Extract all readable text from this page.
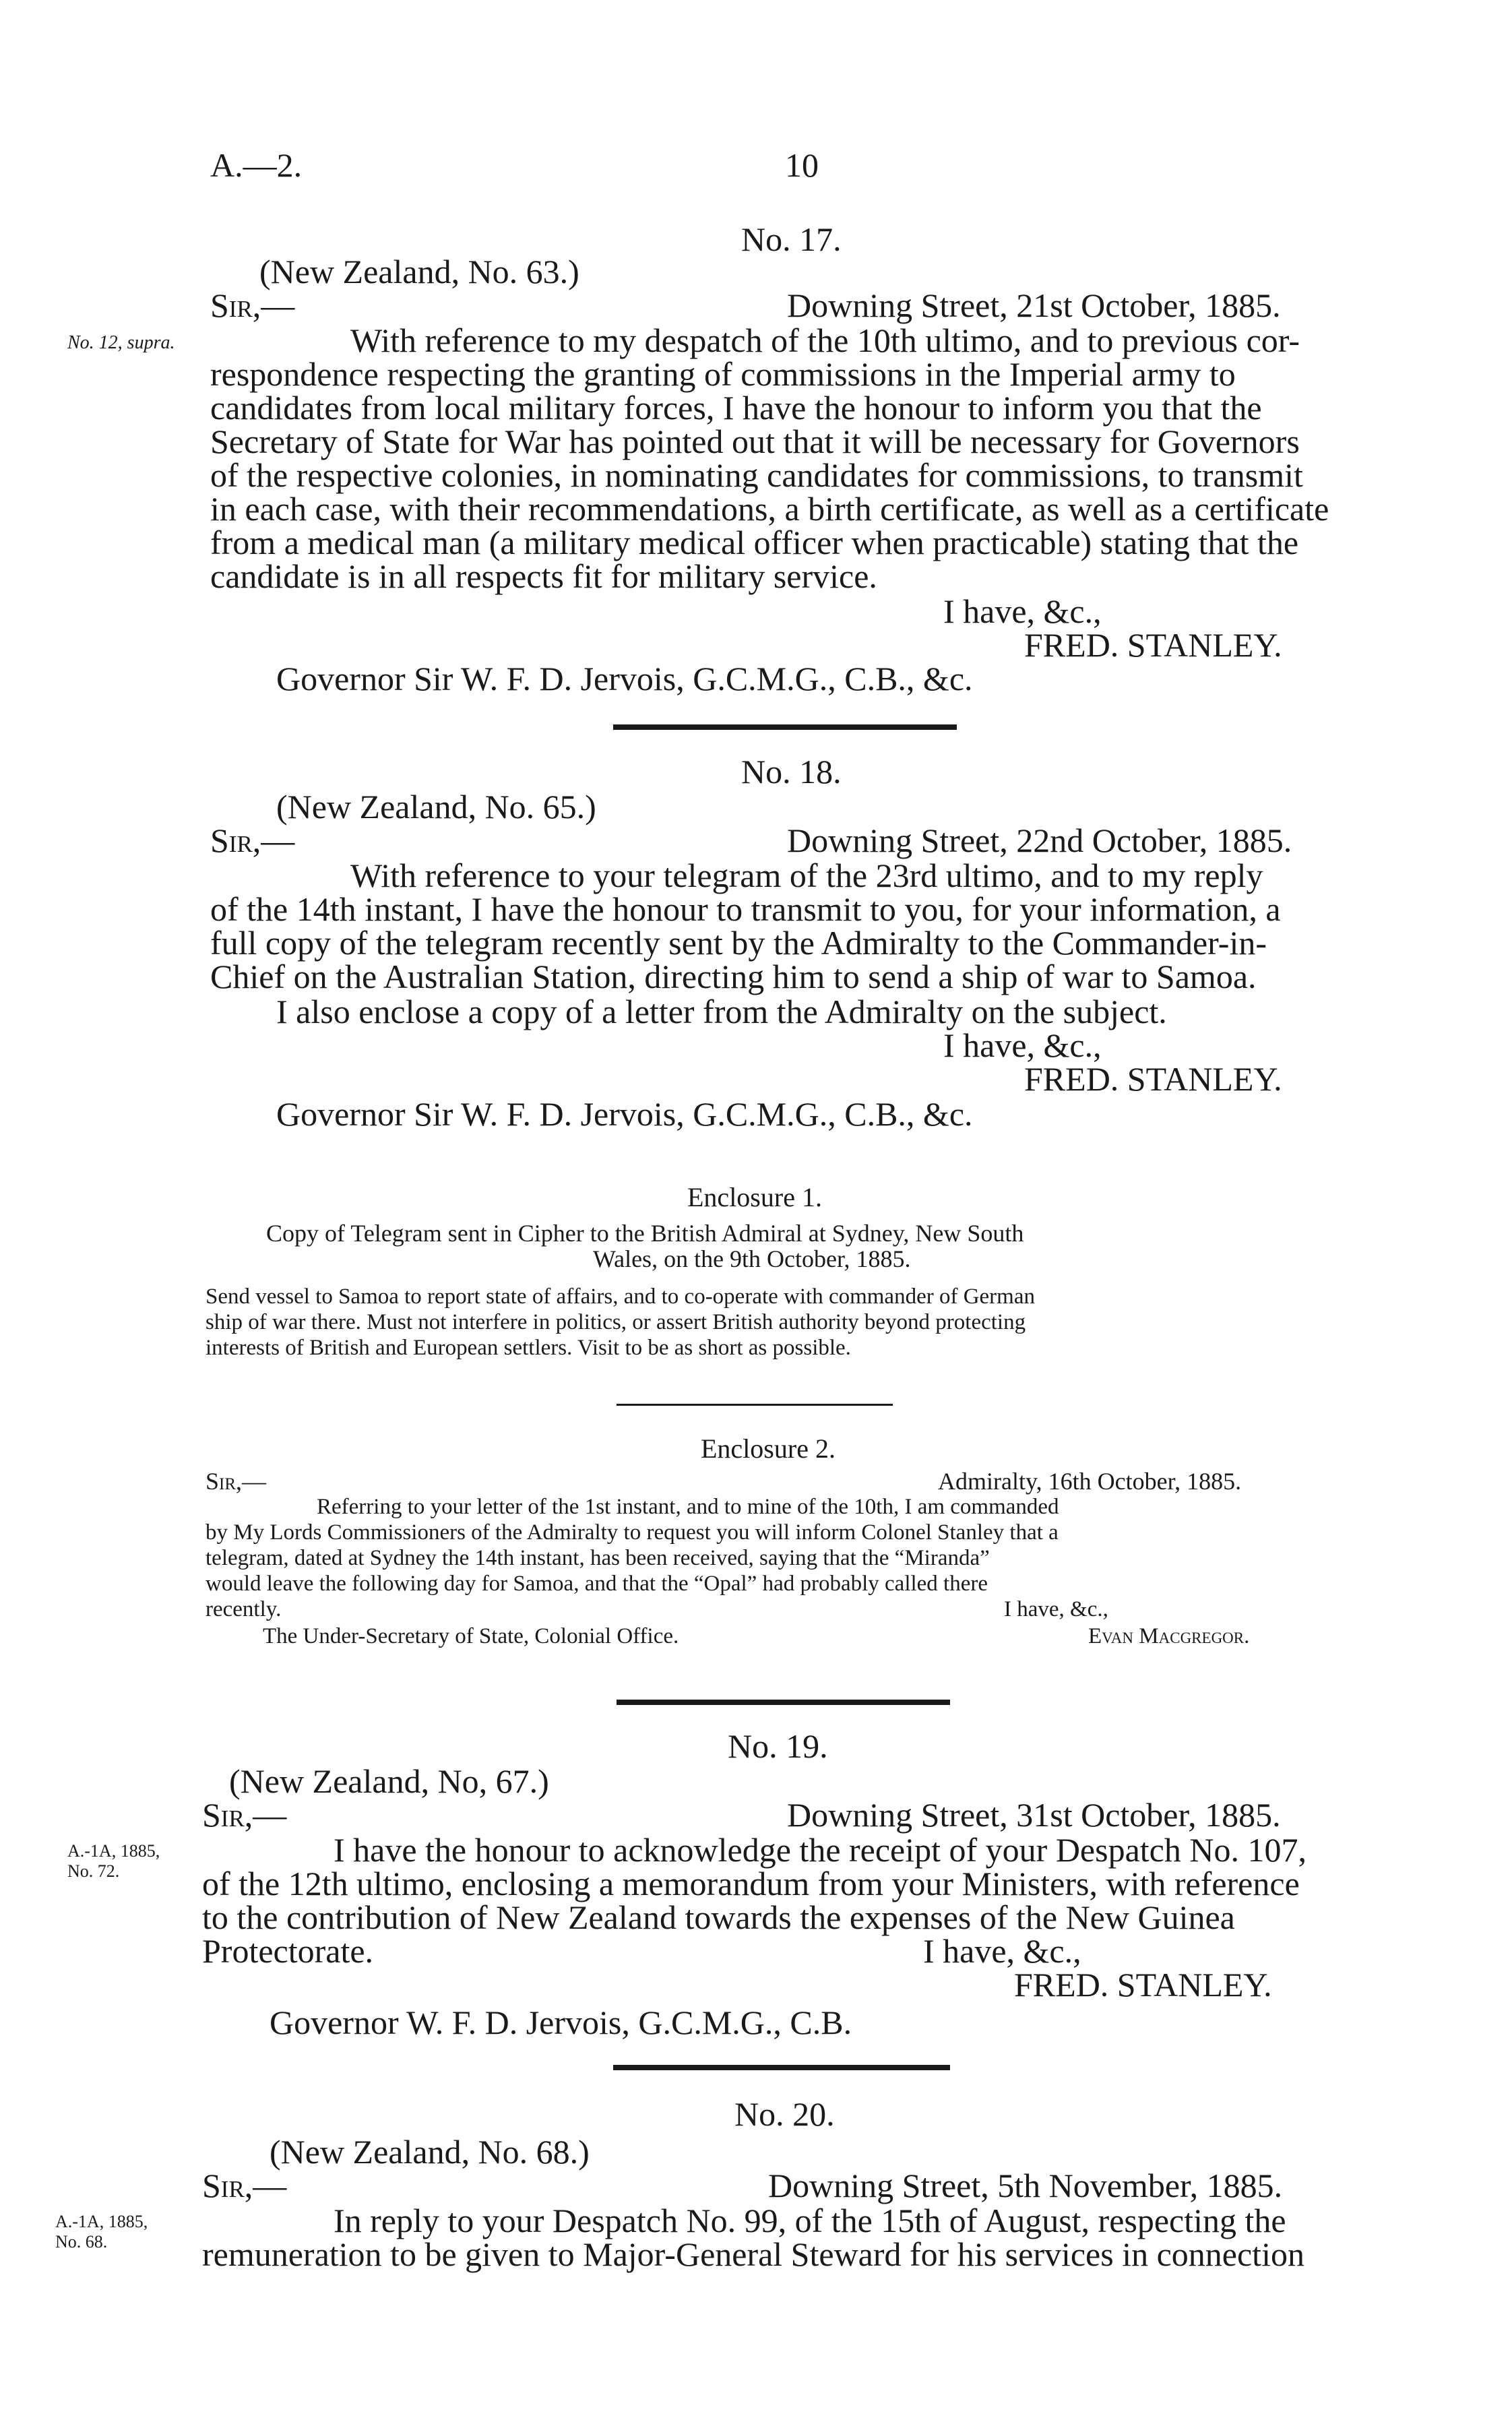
A.—2.	10
No. 17.
(New Zealand, No. 63.)
Sir,—	Downing Street, 21st October, 1885.
No. 12, supra.	With reference to my despatch of the 10th ultimo, and to previous cor-
respondence respecting the granting of commissions in the Imperial army to
candidates from local military forces, I have the honour to inform you that the
Secretary of State for War has pointed out that it will be necessary for Governors
of the respective colonies, in nominating candidates for commissions, to transmit
in each case, with their recommendations, a birth certificate, as well as a certificate
from a medical man (a military medical officer when practicable) stating that the
candidate is in all respects fit for military service.
I have, &c.,
FRED. STANLEY.
Governor Sir W. F. D. Jervois, G.C.M.G., C.B., &c.
No. 18.
(New Zealand, No. 65.)
Sir,—	Downing Street, 22nd October, 1885.
With reference to your telegram of the 23rd ultimo, and to my reply
of the 14th instant, I have the honour to transmit to you, for your information, a
full copy of the telegram recently sent by the Admiralty to the Commander-in-
Chief on the Australian Station, directing him to send a ship of war to Samoa.
I also enclose a copy of a letter from the Admiralty on the subject.
I have, &c.,
FRED. STANLEY.
Governor Sir W. F. D. Jervois, G.C.M.G., C.B., &c.
Enclosure 1.
Copy of Telegram sent in Cipher to the British Admiral at Sydney, New South
Wales, on the 9th October, 1885.
Send vessel to Samoa to report state of affairs, and to co-operate with commander of German
ship of war there. Must not interfere in politics, or assert British authority beyond protecting
interests of British and European settlers. Visit to be as short as possible.
Enclosure 2.
Sir,—	Admiralty, 16th October, 1885.
Referring to your letter of the 1st instant, and to mine of the 10th, I am commanded
by My Lords Commissioners of the Admiralty to request you will inform Colonel Stanley that a
telegram, dated at Sydney the 14th instant, has been received, saying that the “Miranda”
would leave the following day for Samoa, and that the “Opal” had probably called there
recently.	I have, &c.,
The Under-Secretary of State, Colonial Office.	Evan Macgregor.
No. 19.
(New Zealand, No, 67.)
Sir,—	Downing Street, 31st October, 1885.
A.-1A, 1885,
No. 72.
I have the honour to acknowledge the receipt of your Despatch No. 107,
of the 12th ultimo, enclosing a memorandum from your Ministers, with reference
to the contribution of New Zealand towards the expenses of the New Guinea
Protectorate.	I have, &c.,
FRED. STANLEY.
Governor W. F. D. Jervois, G.C.M.G., C.B.
No. 20.
(New Zealand, No. 68.)
Sir,—	Downing Street, 5th November, 1885.
A.-1A, 1885,
No. 68.
In reply to your Despatch No. 99, of the 15th of August, respecting the
remuneration to be given to Major-General Steward for his services in connection
